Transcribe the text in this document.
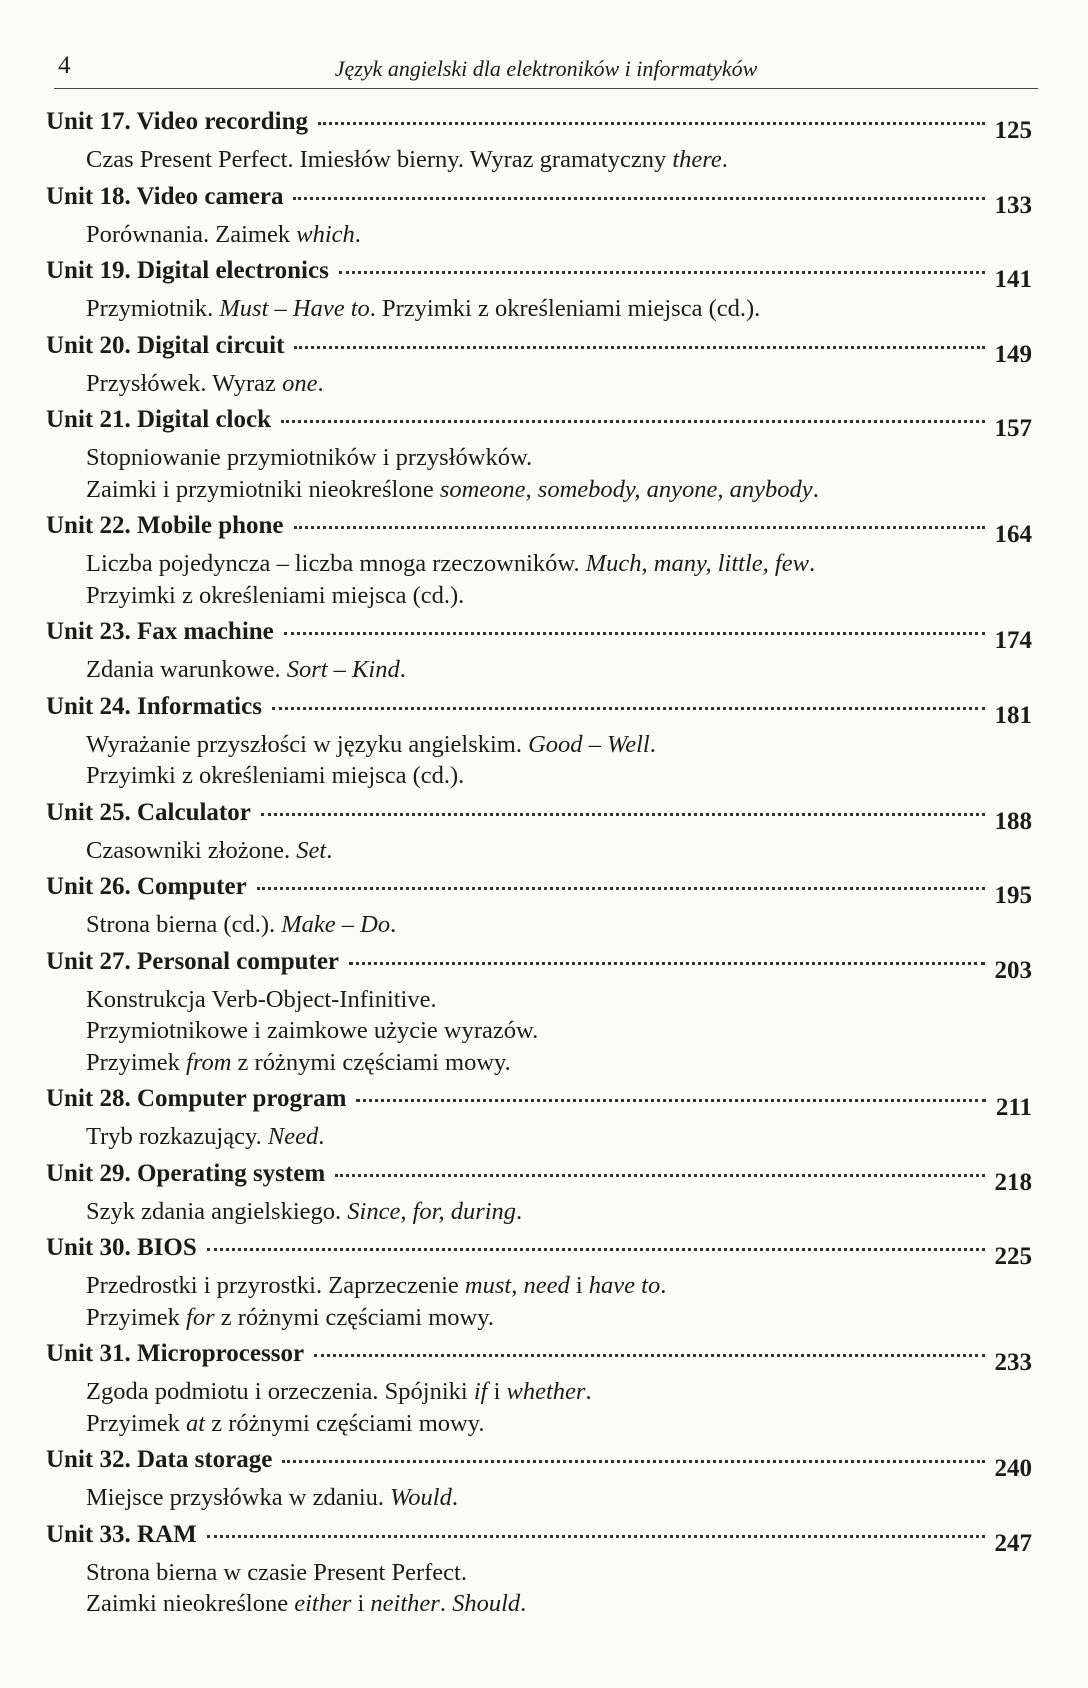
4	Język angielski dla elektroników i informatyków
Unit 17. Video recording	125
Czas Present Perfect. Imiesłów bierny. Wyraz gramatyczny there.
Unit 18. Video camera	133
Porównania. Zaimek which.
Unit 19. Digital electronics	141
Przymiotnik. Must – Have to. Przyimki z określeniami miejsca (cd.).
Unit 20. Digital circuit	149
Przysłówek. Wyraz one.
Unit 21. Digital clock	157
Stopniowanie przymiotników i przysłówków.
Zaimki i przymiotniki nieokreślone someone, somebody, anyone, anybody.
Unit 22. Mobile phone	164
Liczba pojedyncza – liczba mnoga rzeczowników. Much, many, little, few.
Przyimki z określeniami miejsca (cd.).
Unit 23. Fax machine	174
Zdania warunkowe. Sort – Kind.
Unit 24. Informatics	181
Wyrażanie przyszłości w języku angielskim. Good – Well.
Przyimki z określeniami miejsca (cd.).
Unit 25. Calculator	188
Czasowniki złożone. Set.
Unit 26. Computer	195
Strona bierna (cd.). Make – Do.
Unit 27. Personal computer	203
Konstrukcja Verb-Object-Infinitive.
Przymiotnikowe i zaimkowe użycie wyrazów.
Przyimek from z różnymi częściami mowy.
Unit 28. Computer program	211
Tryb rozkazujący. Need.
Unit 29. Operating system	218
Szyk zdania angielskiego. Since, for, during.
Unit 30. BIOS	225
Przedrostki i przyrostki. Zaprzeczenie must, need i have to.
Przyimek for z różnymi częściami mowy.
Unit 31. Microprocessor	233
Zgoda podmiotu i orzeczenia. Spójniki if i whether.
Przyimek at z różnymi częściami mowy.
Unit 32. Data storage	240
Miejsce przysłówka w zdaniu. Would.
Unit 33. RAM	247
Strona bierna w czasie Present Perfect.
Zaimki nieokreślone either i neither. Should.
